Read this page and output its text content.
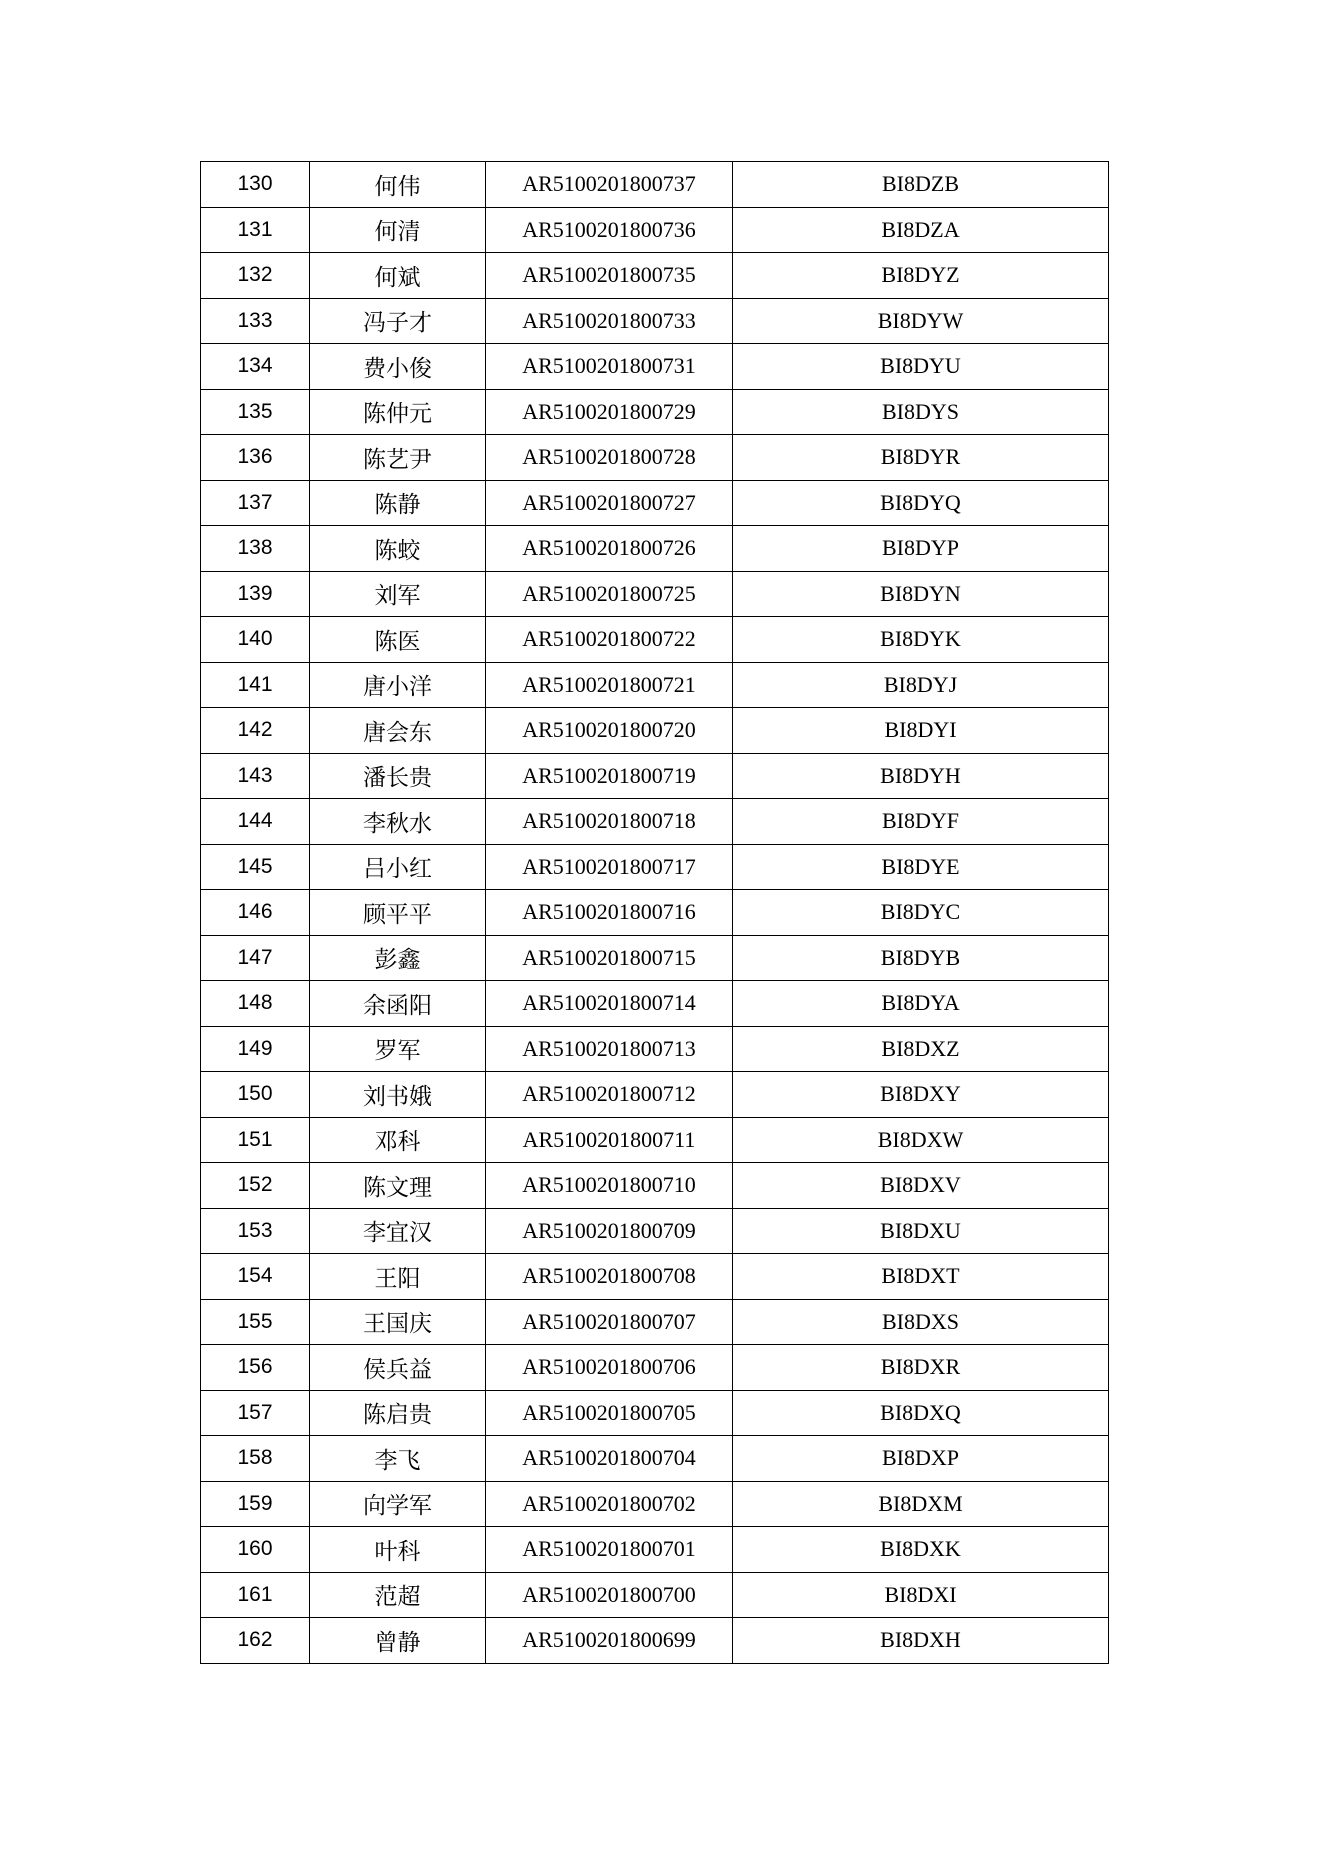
130	何伟	AR5100201800737	BI8DZB
131	何清	AR5100201800736	BI8DZA
132	何斌	AR5100201800735	BI8DYZ
133	冯子才	AR5100201800733	BI8DYW
134	费小俊	AR5100201800731	BI8DYU
135	陈仲元	AR5100201800729	BI8DYS
136	陈艺尹	AR5100201800728	BI8DYR
137	陈静	AR5100201800727	BI8DYQ
138	陈蛟	AR5100201800726	BI8DYP
139	刘军	AR5100201800725	BI8DYN
140	陈医	AR5100201800722	BI8DYK
141	唐小洋	AR5100201800721	BI8DYJ
142	唐会东	AR5100201800720	BI8DYI
143	潘长贵	AR5100201800719	BI8DYH
144	李秋水	AR5100201800718	BI8DYF
145	吕小红	AR5100201800717	BI8DYE
146	顾平平	AR5100201800716	BI8DYC
147	彭鑫	AR5100201800715	BI8DYB
148	余函阳	AR5100201800714	BI8DYA
149	罗军	AR5100201800713	BI8DXZ
150	刘书娥	AR5100201800712	BI8DXY
151	邓科	AR5100201800711	BI8DXW
152	陈文理	AR5100201800710	BI8DXV
153	李宜汉	AR5100201800709	BI8DXU
154	王阳	AR5100201800708	BI8DXT
155	王国庆	AR5100201800707	BI8DXS
156	侯兵益	AR5100201800706	BI8DXR
157	陈启贵	AR5100201800705	BI8DXQ
158	李飞	AR5100201800704	BI8DXP
159	向学军	AR5100201800702	BI8DXM
160	叶科	AR5100201800701	BI8DXK
161	范超	AR5100201800700	BI8DXI
162	曾静	AR5100201800699	BI8DXH
